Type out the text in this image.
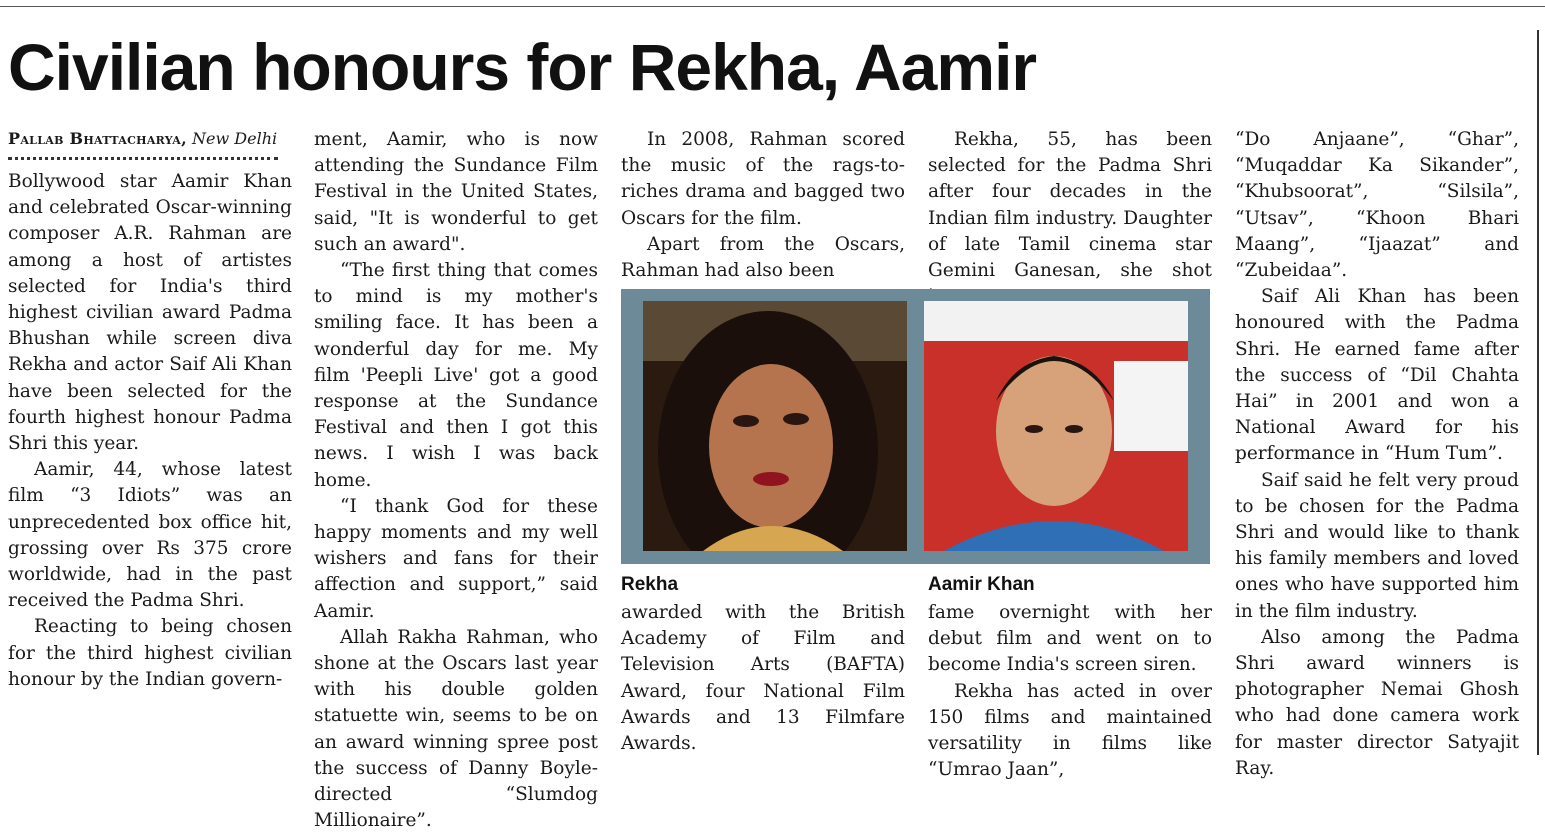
Civilian honours for Rekha, Aamir
Pallab Bhattacharya, New Delhi

Bollywood star Aamir Khan and celebrated Oscar-winning composer A.R. Rahman are among a host of artistes selected for India's third highest civilian award Padma Bhushan while screen diva Rekha and actor Saif Ali Khan have been selected for the fourth highest honour Padma Shri this year.

Aamir, 44, whose latest film “3 Idiots” was an unprecedented box office hit, grossing over Rs 375 crore worldwide, had in the past received the Padma Shri.

Reacting to being chosen for the third highest civilian honour by the Indian govern-

ment, Aamir, who is now attending the Sundance Film Festival in the United States, said, "It is wonderful to get such an award".

“The first thing that comes to mind is my mother's smiling face. It has been a wonderful day for me. My film 'Peepli Live' got a good response at the Sundance Festival and then I got this news. I wish I was back home.

“I thank God for these happy moments and my well wishers and fans for their affection and support,” said Aamir.

Allah Rakha Rahman, who shone at the Oscars last year with his double golden statuette win, seems to be on an award winning spree post the success of Danny Boyle-directed “Slumdog Millionaire”.

In 2008, Rahman scored the music of the rags-to-riches drama and bagged two Oscars for the film.

Apart from the Oscars, Rahman had also been

Rekha, 55, has been selected for the Padma Shri after four decades in the Indian film industry. Daughter of late Tamil cinema star Gemini Ganesan, she shot

Rekha	Aamir Khan

awarded with the British Academy of Film and Television Arts (BAFTA) Award, four National Film Awards and 13 Filmfare Awards.

fame overnight with her debut film and went on to become India's screen siren.

Rekha has acted in over 150 films and maintained versatility in films like “Umrao Jaan”,

“Do Anjaane”, “Ghar”, “Muqaddar Ka Sikander”, “Khubsoorat”, “Silsila”, “Utsav”, “Khoon Bhari Maang”, “Ijaazat” and “Zubeidaa”.

Saif Ali Khan has been honoured with the Padma Shri. He earned fame after the success of “Dil Chahta Hai” in 2001 and won a National Award for his performance in “Hum Tum”.

Saif said he felt very proud to be chosen for the Padma Shri and would like to thank his family members and loved ones who have supported him in the film industry.

Also among the Padma Shri award winners is photographer Nemai Ghosh who had done camera work for master director Satyajit Ray.
